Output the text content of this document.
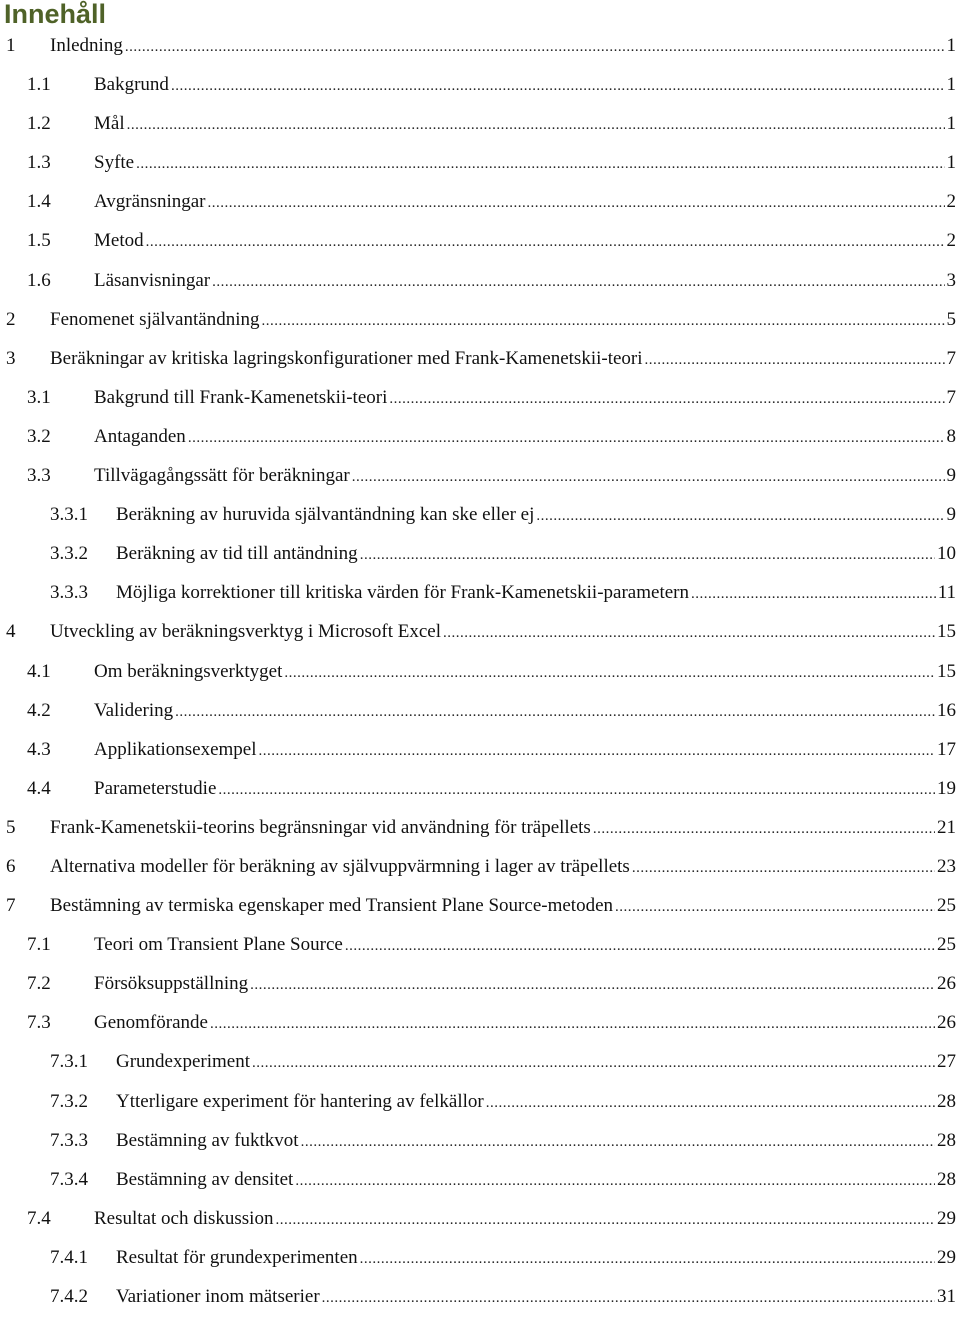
Innehåll
1 Inledning .....	1
1.1 Bakgrund .....	1
1.2 Mål .....	1
1.3 Syfte .....	1
1.4 Avgränsningar .....	2
1.5 Metod .....	2
1.6 Läsanvisningar .....	3
2 Fenomenet självantändning .....	5
3 Beräkningar av kritiska lagringskonfigurationer med Frank-Kamenetskii-teori .....	7
3.1 Bakgrund till Frank-Kamenetskii-teori .....	7
3.2 Antaganden .....	8
3.3 Tillvägagångssätt för beräkningar .....	9
3.3.1 Beräkning av huruvida självantändning kan ske eller ej .....	9
3.3.2 Beräkning av tid till antändning .....	10
3.3.3 Möjliga korrektioner till kritiska värden för Frank-Kamenetskii-parametern .....	11
4 Utveckling av beräkningsverktyg i Microsoft Excel .....	15
4.1 Om beräkningsverktyget .....	15
4.2 Validering .....	16
4.3 Applikationsexempel .....	17
4.4 Parameterstudie .....	19
5 Frank-Kamenetskii-teorins begränsningar vid användning för träpellets .....	21
6 Alternativa modeller för beräkning av självuppvärmning i lager av träpellets .....	23
7 Bestämning av termiska egenskaper med Transient Plane Source-metoden .....	25
7.1 Teori om Transient Plane Source .....	25
7.2 Försöksuppställning .....	26
7.3 Genomförande .....	26
7.3.1 Grundexperiment .....	27
7.3.2 Ytterligare experiment för hantering av felkällor .....	28
7.3.3 Bestämning av fuktkvot .....	28
7.3.4 Bestämning av densitet .....	28
7.4 Resultat och diskussion .....	29
7.4.1 Resultat för grundexperimenten .....	29
7.4.2 Variationer inom mätserier .....	31
